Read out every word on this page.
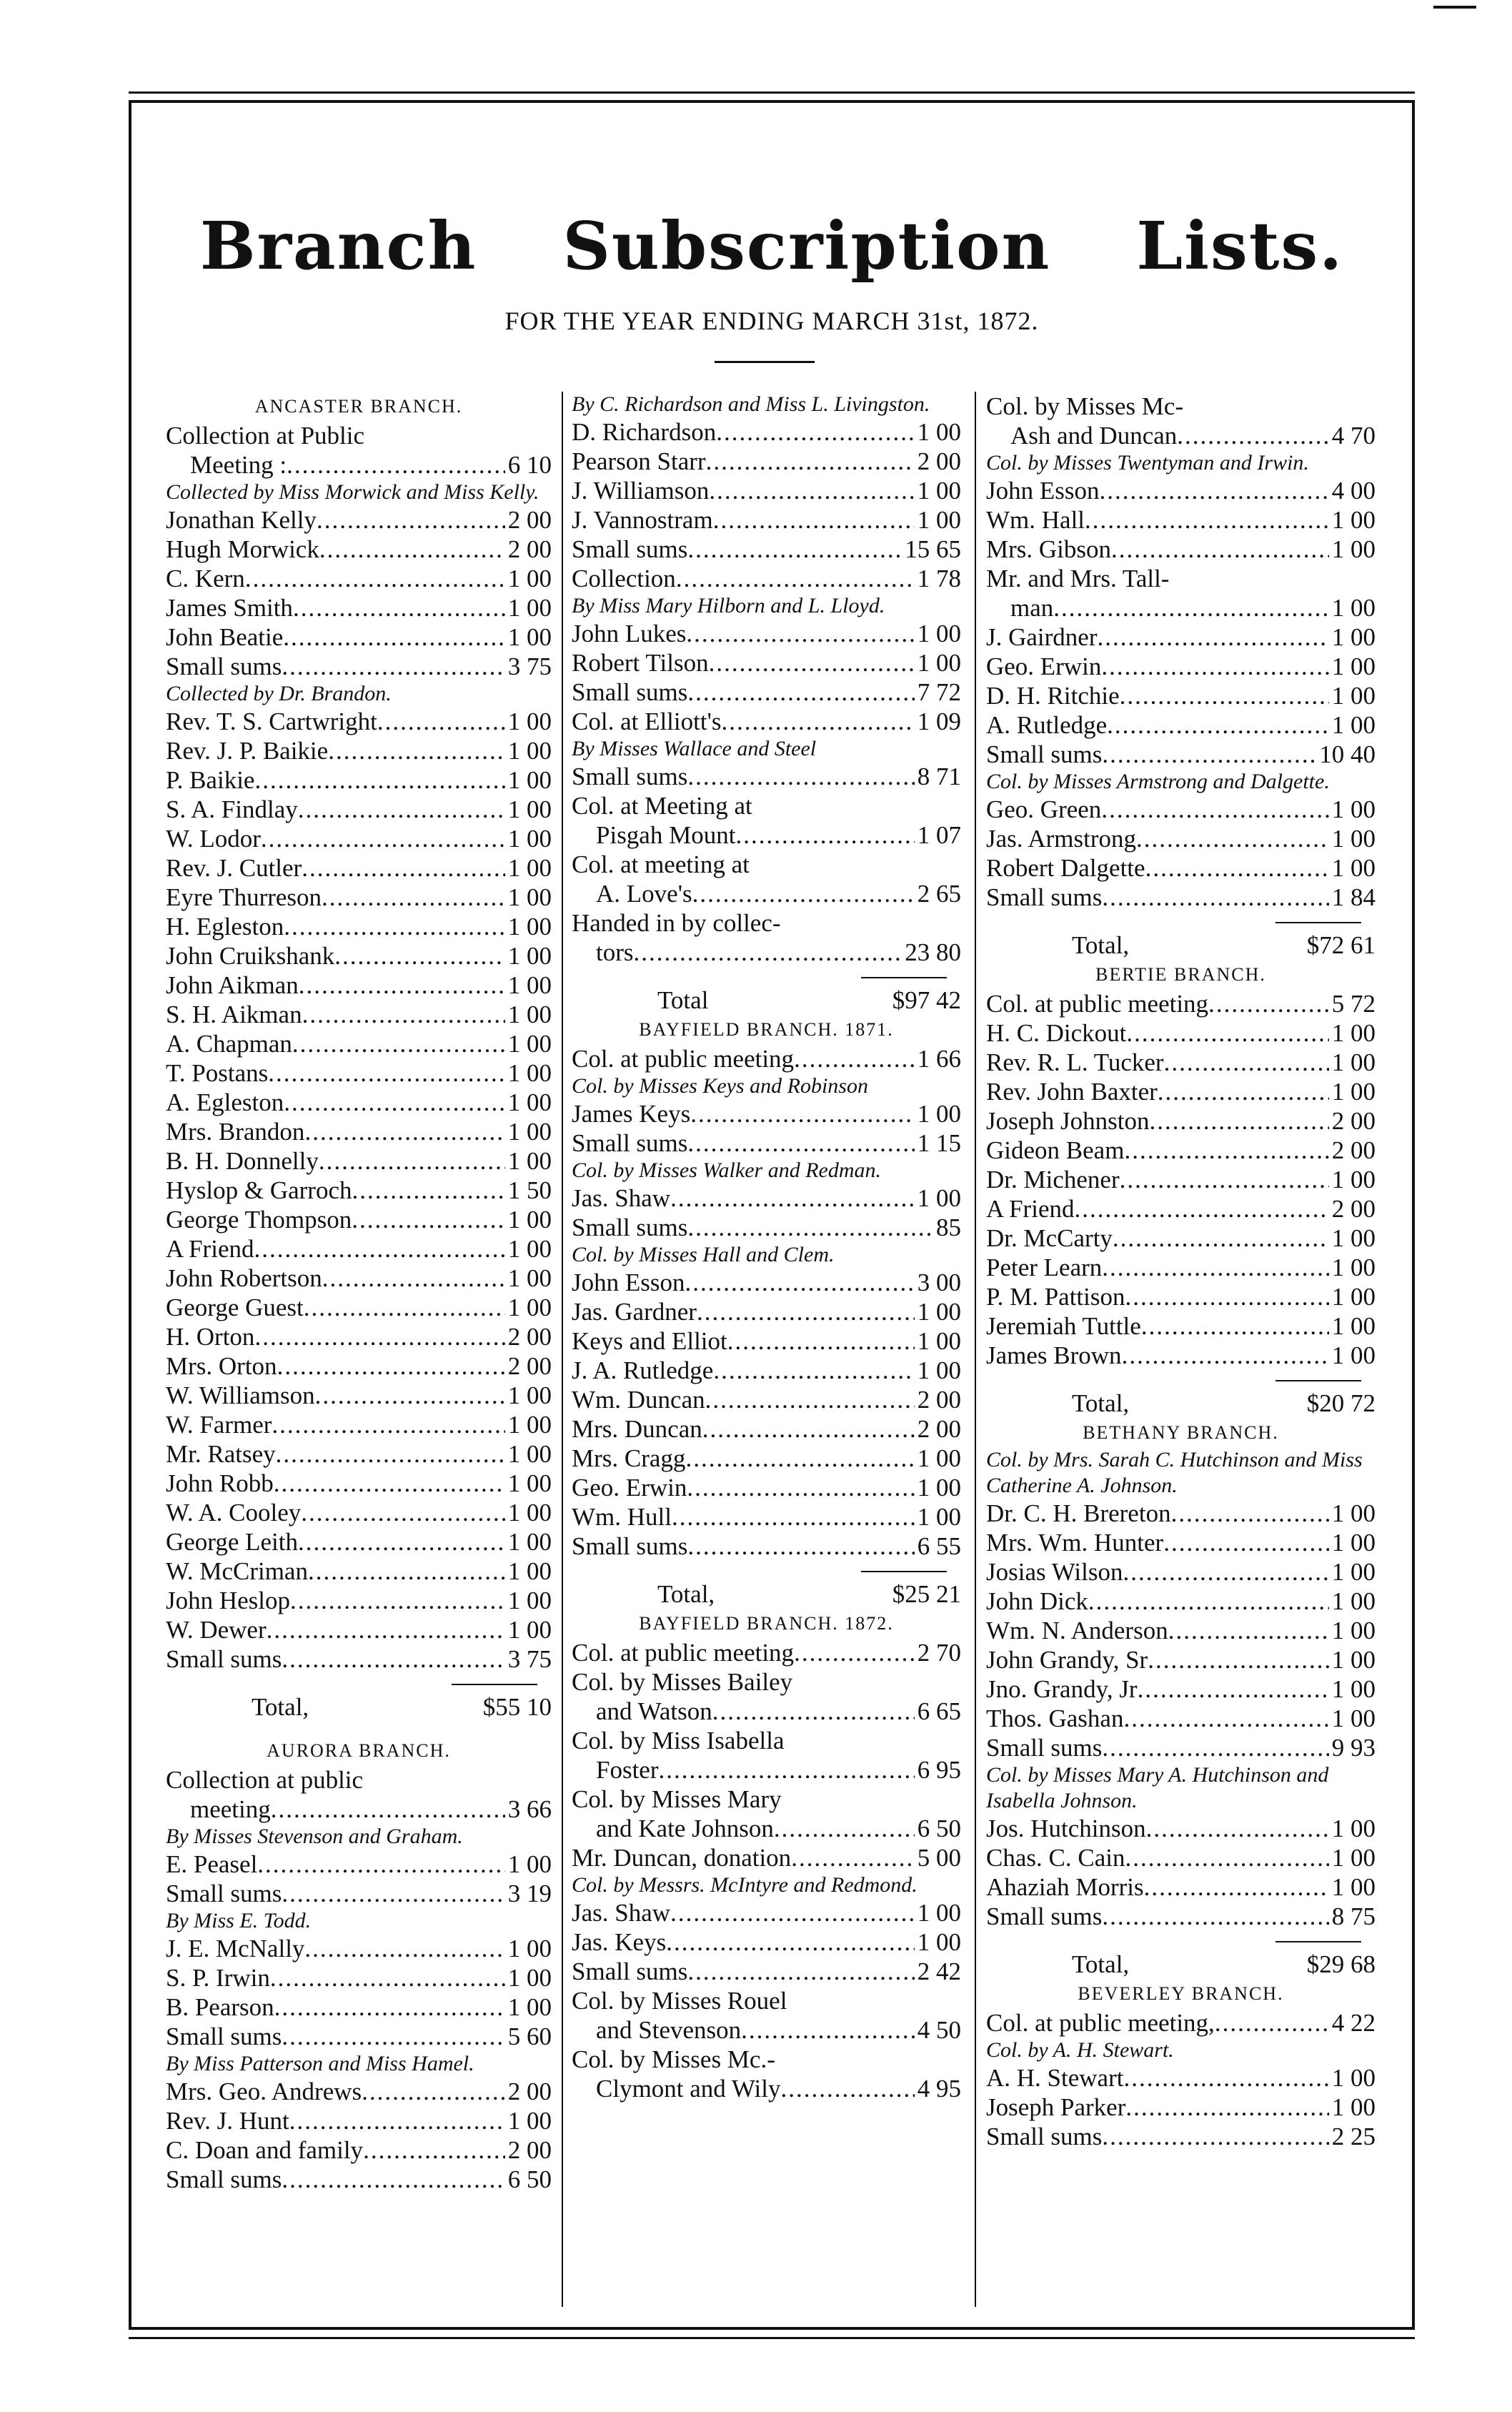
Branch Subscription Lists.
FOR THE YEAR ENDING MARCH 31st, 1872.
ANCASTER BRANCH.
Collection at Public
Meeting : .....	6 10
Collected by Miss Morwick and Miss Kelly.
Jonathan Kelly .....	2 00
Hugh Morwick .....	2 00
C. Kern .....	1 00
James Smith .....	1 00
John Beatie .....	1 00
Small sums .....	3 75
Collected by Dr. Brandon.
Rev. T. S. Cartwright .....	1 00
Rev. J. P. Baikie .....	1 00
P. Baikie .....	1 00
S. A. Findlay .....	1 00
W. Lodor .....	1 00
Rev. J. Cutler .....	1 00
Eyre Thurreson .....	1 00
H. Egleston .....	1 00
John Cruikshank .....	1 00
John Aikman .....	1 00
S. H. Aikman .....	1 00
A. Chapman .....	1 00
T. Postans .....	1 00
A. Egleston .....	1 00
Mrs. Brandon .....	1 00
B. H. Donnelly .....	1 00
Hyslop & Garroch .....	1 50
George Thompson .....	1 00
A Friend .....	1 00
John Robertson .....	1 00
George Guest .....	1 00
H. Orton .....	2 00
Mrs. Orton .....	2 00
W. Williamson .....	1 00
W. Farmer .....	1 00
Mr. Ratsey .....	1 00
John Robb .....	1 00
W. A. Cooley .....	1 00
George Leith .....	1 00
W. McCriman .....	1 00
John Heslop .....	1 00
W. Dewer .....	1 00
Small sums .....	3 75
Total,	$55 10
AURORA BRANCH.
Collection at public
meeting .....	3 66
By Misses Stevenson and Graham.
E. Peasel .....	1 00
Small sums .....	3 19
By Miss E. Todd.
J. E. McNally .....	1 00
S. P. Irwin .....	1 00
B. Pearson .....	1 00
Small sums .....	5 60
By Miss Patterson and Miss Hamel.
Mrs. Geo. Andrews .....	2 00
Rev. J. Hunt .....	1 00
C. Doan and family .....	2 00
Small sums .....	6 50
By C. Richardson and Miss L. Livingston.
D. Richardson .....	1 00
Pearson Starr .....	2 00
J. Williamson .....	1 00
J. Vannostram .....	1 00
Small sums .....	15 65
Collection .....	1 78
By Miss Mary Hilborn and L. Lloyd.
John Lukes .....	1 00
Robert Tilson .....	1 00
Small sums .....	7 72
Col. at Elliott's .....	1 09
By Misses Wallace and Steel
Small sums .....	8 71
Col. at Meeting at
Pisgah Mount .....	1 07
Col. at meeting at
A. Love's .....	2 65
Handed in by collec-
tors .....	23 80
Total	$97 42
BAYFIELD BRANCH. 1871.
Col. at public meeting .....	1 66
Col. by Misses Keys and Robinson
James Keys .....	1 00
Small sums .....	1 15
Col. by Misses Walker and Redman.
Jas. Shaw .....	1 00
Small sums .....	85
Col. by Misses Hall and Clem.
John Esson .....	3 00
Jas. Gardner .....	1 00
Keys and Elliot .....	1 00
J. A. Rutledge .....	1 00
Wm. Duncan .....	2 00
Mrs. Duncan .....	2 00
Mrs. Cragg .....	1 00
Geo. Erwin .....	1 00
Wm. Hull .....	1 00
Small sums .....	6 55
Total,	$25 21
BAYFIELD BRANCH. 1872.
Col. at public meeting .....	2 70
Col. by Misses Bailey
and Watson .....	6 65
Col. by Miss Isabella
Foster .....	6 95
Col. by Misses Mary
and Kate Johnson .....	6 50
Mr. Duncan, donation .....	5 00
Col. by Messrs. McIntyre and Redmond.
Jas. Shaw .....	1 00
Jas. Keys .....	1 00
Small sums .....	2 42
Col. by Misses Rouel
and Stevenson .....	4 50
Col. by Misses Mc.-
Clymont and Wily .....	4 95
Col. by Misses Mc-
Ash and Duncan .....	4 70
Col. by Misses Twentyman and Irwin.
John Esson .....	4 00
Wm. Hall .....	1 00
Mrs. Gibson .....	1 00
Mr. and Mrs. Tall-
man .....	1 00
J. Gairdner .....	1 00
Geo. Erwin .....	1 00
D. H. Ritchie .....	1 00
A. Rutledge .....	1 00
Small sums .....	10 40
Col. by Misses Armstrong and Dalgette.
Geo. Green .....	1 00
Jas. Armstrong .....	1 00
Robert Dalgette .....	1 00
Small sums .....	1 84
Total,	$72 61
BERTIE BRANCH.
Col. at public meeting .....	5 72
H. C. Dickout .....	1 00
Rev. R. L. Tucker .....	1 00
Rev. John Baxter .....	1 00
Joseph Johnston .....	2 00
Gideon Beam .....	2 00
Dr. Michener .....	1 00
A Friend .....	2 00
Dr. McCarty .....	1 00
Peter Learn .....	1 00
P. M. Pattison .....	1 00
Jeremiah Tuttle .....	1 00
James Brown .....	1 00
Total,	$20 72
BETHANY BRANCH.
Col. by Mrs. Sarah C. Hutchinson and Miss Catherine A. Johnson.
Dr. C. H. Brereton .....	1 00
Mrs. Wm. Hunter .....	1 00
Josias Wilson .....	1 00
John Dick .....	1 00
Wm. N. Anderson .....	1 00
John Grandy, Sr .....	1 00
Jno. Grandy, Jr .....	1 00
Thos. Gashan .....	1 00
Small sums .....	9 93
Col. by Misses Mary A. Hutchinson and Isabella Johnson.
Jos. Hutchinson .....	1 00
Chas. C. Cain .....	1 00
Ahaziah Morris .....	1 00
Small sums .....	8 75
Total,	$29 68
BEVERLEY BRANCH.
Col. at public meeting, .....	4 22
Col. by A. H. Stewart.
A. H. Stewart .....	1 00
Joseph Parker .....	1 00
Small sums .....	2 25
